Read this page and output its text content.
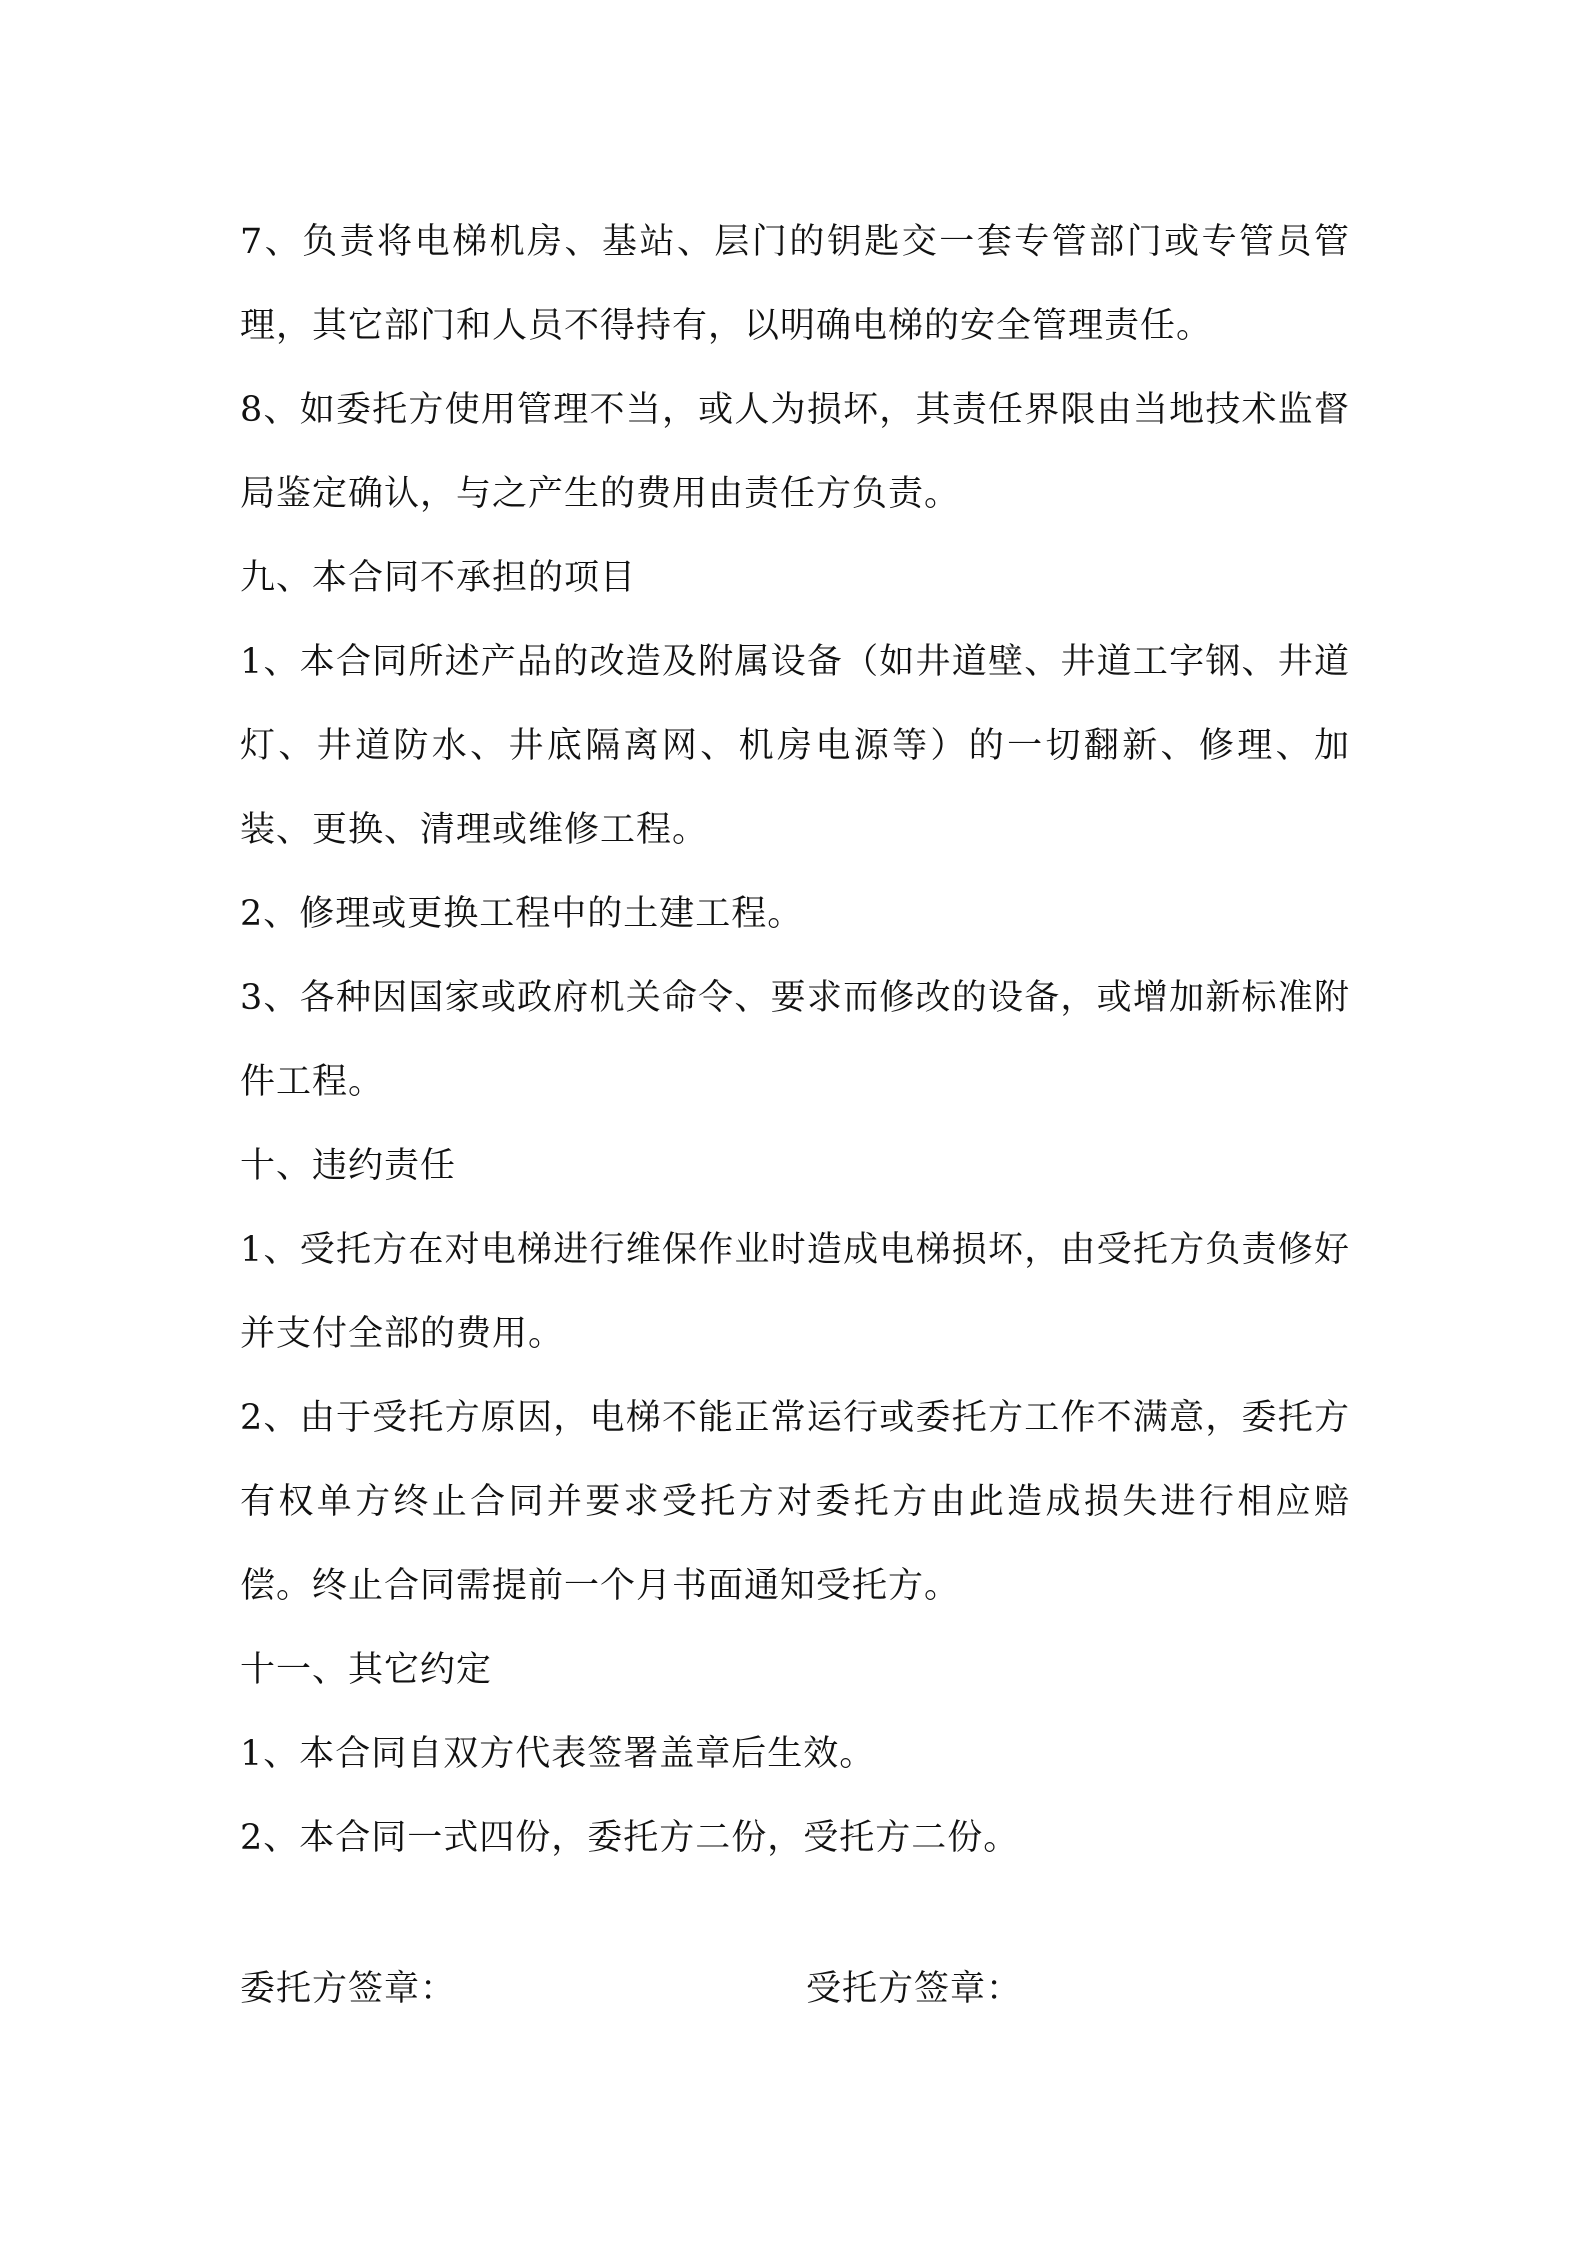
7、负责将电梯机房、基站、层门的钥匙交一套专管部门或专管员管理，其它部门和人员不得持有，以明确电梯的安全管理责任。

8、如委托方使用管理不当，或人为损坏，其责任界限由当地技术监督局鉴定确认，与之产生的费用由责任方负责。

九、本合同不承担的项目

1、本合同所述产品的改造及附属设备（如井道壁、井道工字钢、井道灯、井道防水、井底隔离网、机房电源等）的一切翻新、修理、加装、更换、清理或维修工程。

2、修理或更换工程中的土建工程。

3、各种因国家或政府机关命令、要求而修改的设备，或增加新标准附件工程。

十、违约责任

1、受托方在对电梯进行维保作业时造成电梯损坏，由受托方负责修好并支付全部的费用。

2、由于受托方原因，电梯不能正常运行或委托方工作不满意，委托方有权单方终止合同并要求受托方对委托方由此造成损失进行相应赔偿。终止合同需提前一个月书面通知受托方。

十一、其它约定

1、本合同自双方代表签署盖章后生效。

2、本合同一式四份，委托方二份，受托方二份。

委托方签章：	受托方签章：
